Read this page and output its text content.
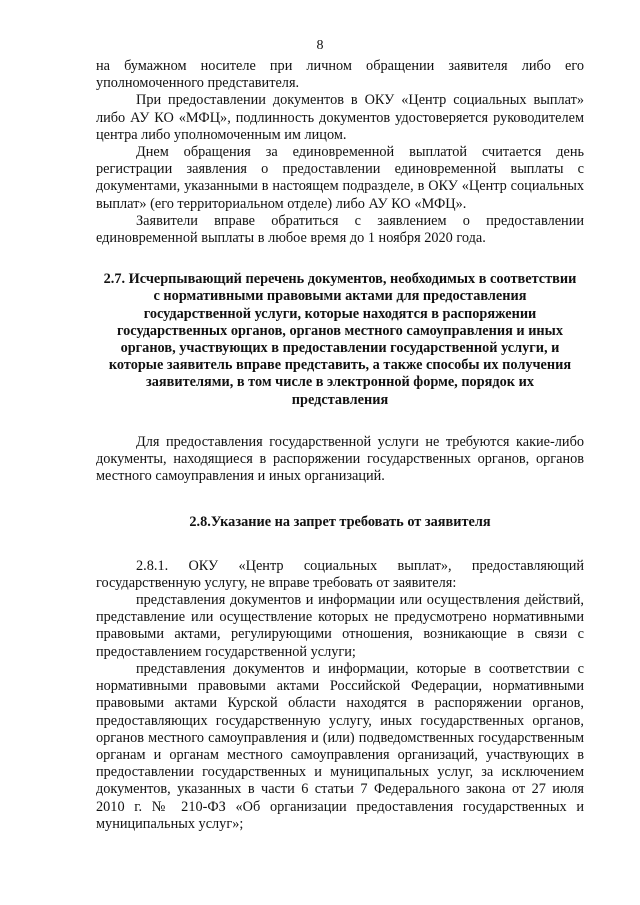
8

на бумажном носителе при личном обращении заявителя либо его уполномоченного представителя.

При предоставлении документов в ОКУ «Центр социальных выплат» либо АУ КО «МФЦ», подлинность документов удостоверяется руководителем центра либо уполномоченным им лицом.

Днем обращения за единовременной выплатой считается день регистрации заявления о предоставлении единовременной выплаты с документами, указанными в настоящем подразделе, в ОКУ «Центр социальных выплат» (его территориальном отделе) либо АУ КО «МФЦ».

Заявители вправе обратиться с заявлением о предоставлении единовременной выплаты в любое время до 1 ноября 2020 года.

2.7. Исчерпывающий перечень документов, необходимых в соответствии с нормативными правовыми актами для предоставления государственной услуги, которые находятся в распоряжении государственных органов, органов местного самоуправления и иных органов, участвующих в предоставлении государственной услуги, и которые заявитель вправе представить, а также способы их получения заявителями, в том числе в электронной форме, порядок их представления

Для предоставления государственной услуги не требуются какие-либо документы, находящиеся в распоряжении государственных органов, органов местного самоуправления и иных организаций.

2.8.Указание на запрет требовать от заявителя

2.8.1. ОКУ «Центр социальных выплат», предоставляющий государственную услугу, не вправе требовать от заявителя:

представления документов и информации или осуществления действий, представление или осуществление которых не предусмотрено нормативными правовыми актами, регулирующими отношения, возникающие в связи с предоставлением государственной услуги;

представления документов и информации, которые в соответствии с нормативными правовыми актами Российской Федерации, нормативными правовыми актами Курской области находятся в распоряжении органов, предоставляющих государственную услугу, иных государственных органов, органов местного самоуправления и (или) подведомственных государственным органам и органам местного самоуправления организаций, участвующих в предоставлении государственных и муниципальных услуг, за исключением документов, указанных в части 6 статьи 7 Федерального закона от 27 июля 2010 г. № 210-ФЗ «Об организации предоставления государственных и муниципальных услуг»;
